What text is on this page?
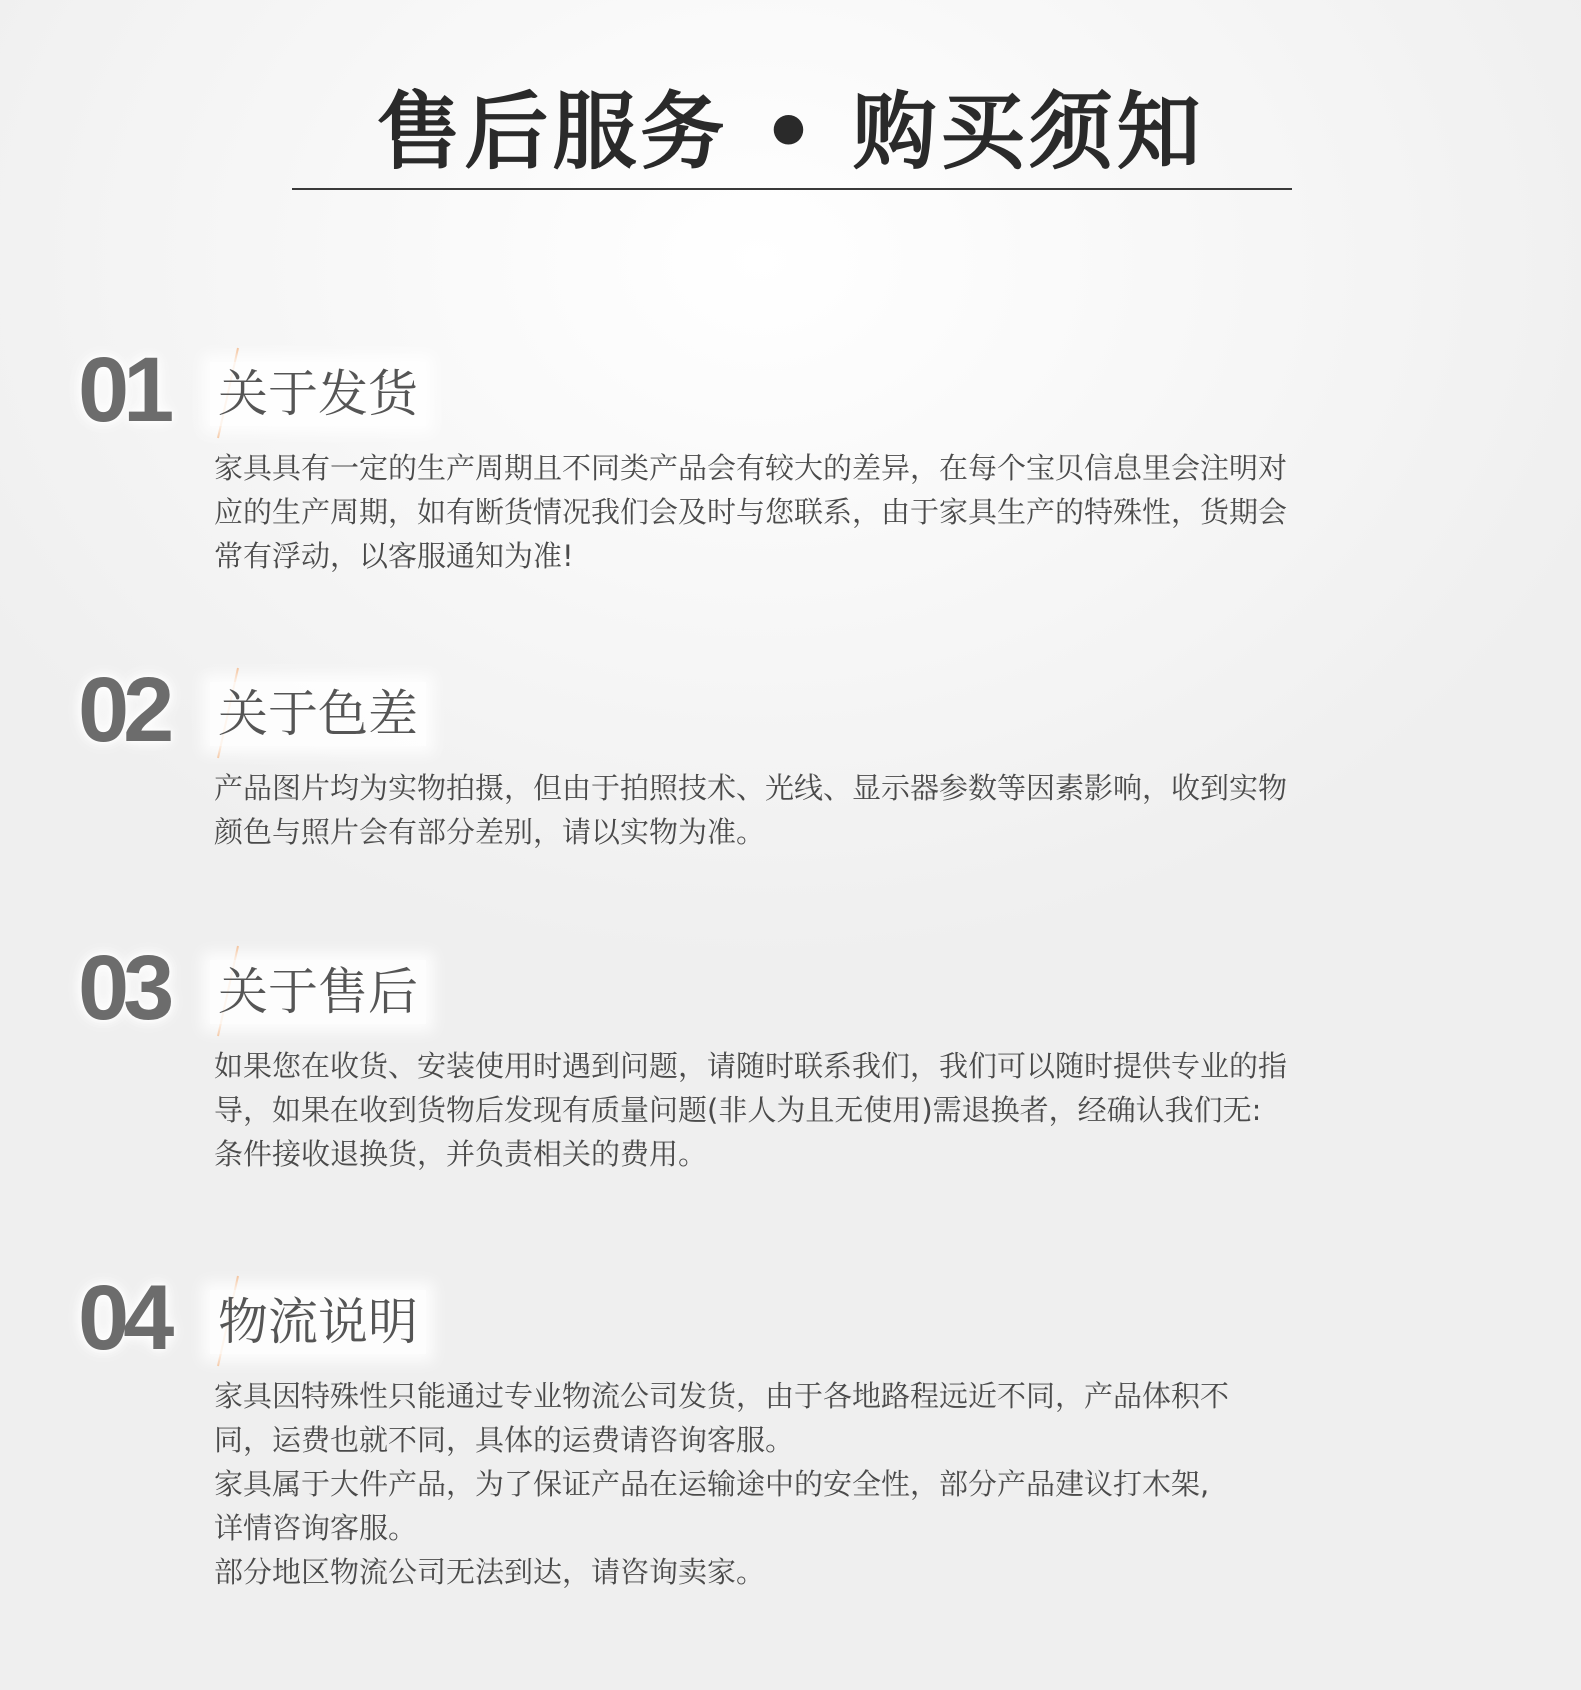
售后服务 • 购买须知
01 关于发货

家具具有一定的生产周期且不同类产品会有较大的差异，在每个宝贝信息里会注明对

应的生产周期，如有断货情况我们会及时与您联系，由于家具生产的特殊性，货期会

常有浮动，以客服通知为准!

02 关于色差

产品图片均为实物拍摄，但由于拍照技术、光线、显示器参数等因素影响，收到实物

颜色与照片会有部分差别，请以实物为准。

03 关于售后

如果您在收货、安装使用时遇到问题，请随时联系我们，我们可以随时提供专业的指

导，如果在收到货物后发现有质量问题(非人为且无使用)需退换者，经确认我们无:

条件接收退换货，并负责相关的费用。

04 物流说明

家具因特殊性只能通过专业物流公司发货，由于各地路程远近不同，产品体积不

同，运费也就不同，具体的运费请咨询客服。

家具属于大件产品，为了保证产品在运输途中的安全性，部分产品建议打木架,

详情咨询客服。

部分地区物流公司无法到达，请咨询卖家。
